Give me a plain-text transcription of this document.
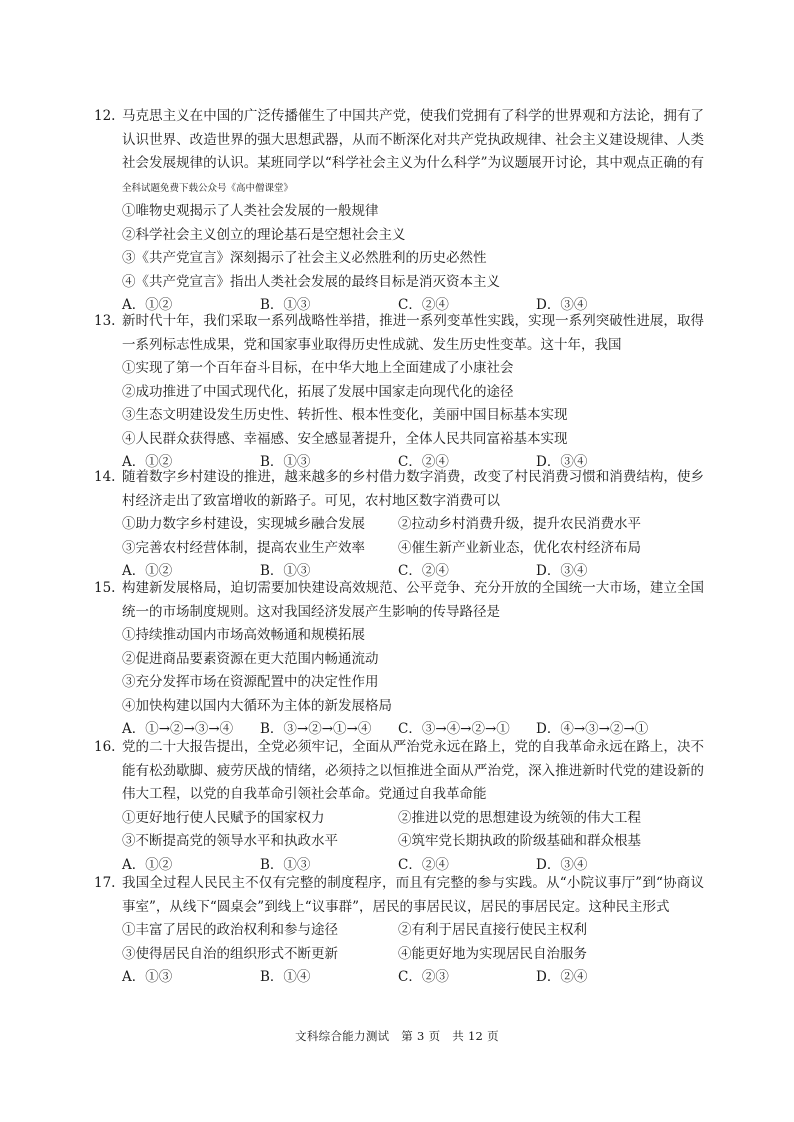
12. 马克思主义在中国的广泛传播催生了中国共产党，使我们党拥有了科学的世界观和方法论，拥有了认识世界、改造世界的强大思想武器，从而不断深化对共产党执政规律、社会主义建设规律、人类社会发展规律的认识。某班同学以“科学社会主义为什么科学”为议题展开讨论，其中观点正确的有全科试题免费下载公众号《高中僧课堂》
①唯物史观揭示了人类社会发展的一般规律
②科学社会主义创立的理论基石是空想社会主义
③《共产党宣言》深刻揭示了社会主义必然胜利的历史必然性
④《共产党宣言》指出人类社会发展的最终目标是消灭资本主义
A．①②	B．①③	C．②④	D．③④
13. 新时代十年，我们采取一系列战略性举措，推进一系列变革性实践，实现一系列突破性进展，取得一系列标志性成果，党和国家事业取得历史性成就、发生历史性变革。这十年，我国
①实现了第一个百年奋斗目标，在中华大地上全面建成了小康社会
②成功推进了中国式现代化，拓展了发展中国家走向现代化的途径
③生态文明建设发生历史性、转折性、根本性变化，美丽中国目标基本实现
④人民群众获得感、幸福感、安全感显著提升，全体人民共同富裕基本实现
A．①②	B．①③	C．②④	D．③④
14. 随着数字乡村建设的推进，越来越多的乡村借力数字消费，改变了村民消费习惯和消费结构，使乡村经济走出了致富增收的新路子。可见，农村地区数字消费可以
①助力数字乡村建设，实现城乡融合发展	②拉动乡村消费升级，提升农民消费水平
③完善农村经营体制，提高农业生产效率	④催生新产业新业态，优化农村经济布局
A．①②	B．①③	C．②④	D．③④
15. 构建新发展格局，迫切需要加快建设高效规范、公平竞争、充分开放的全国统一大市场，建立全国统一的市场制度规则。这对我国经济发展产生影响的传导路径是
①持续推动国内市场高效畅通和规模拓展
②促进商品要素资源在更大范围内畅通流动
③充分发挥市场在资源配置中的决定性作用
④加快构建以国内大循环为主体的新发展格局
A．①→②→③→④	B．③→②→①→④	C．③→④→②→①	D．④→③→②→①
16. 党的二十大报告提出，全党必须牢记，全面从严治党永远在路上，党的自我革命永远在路上，决不能有松劲歇脚、疲劳厌战的情绪，必须持之以恒推进全面从严治党，深入推进新时代党的建设新的伟大工程，以党的自我革命引领社会革命。党通过自我革命能
①更好地行使人民赋予的国家权力	②推进以党的思想建设为统领的伟大工程
③不断提高党的领导水平和执政水平	④筑牢党长期执政的阶级基础和群众根基
A．①②	B．①③	C．②④	D．③④
17. 我国全过程人民民主不仅有完整的制度程序，而且有完整的参与实践。从“小院议事厅”到“协商议事室”，从线下“圆桌会”到线上“议事群”，居民的事居民议，居民的事居民定。这种民主形式
①丰富了居民的政治权利和参与途径	②有利于居民直接行使民主权利
③使得居民自治的组织形式不断更新	④能更好地为实现居民自治服务
A．①③	B．①④	C．②③	D．②④
文科综合能力测试　第 3 页　共 12 页
